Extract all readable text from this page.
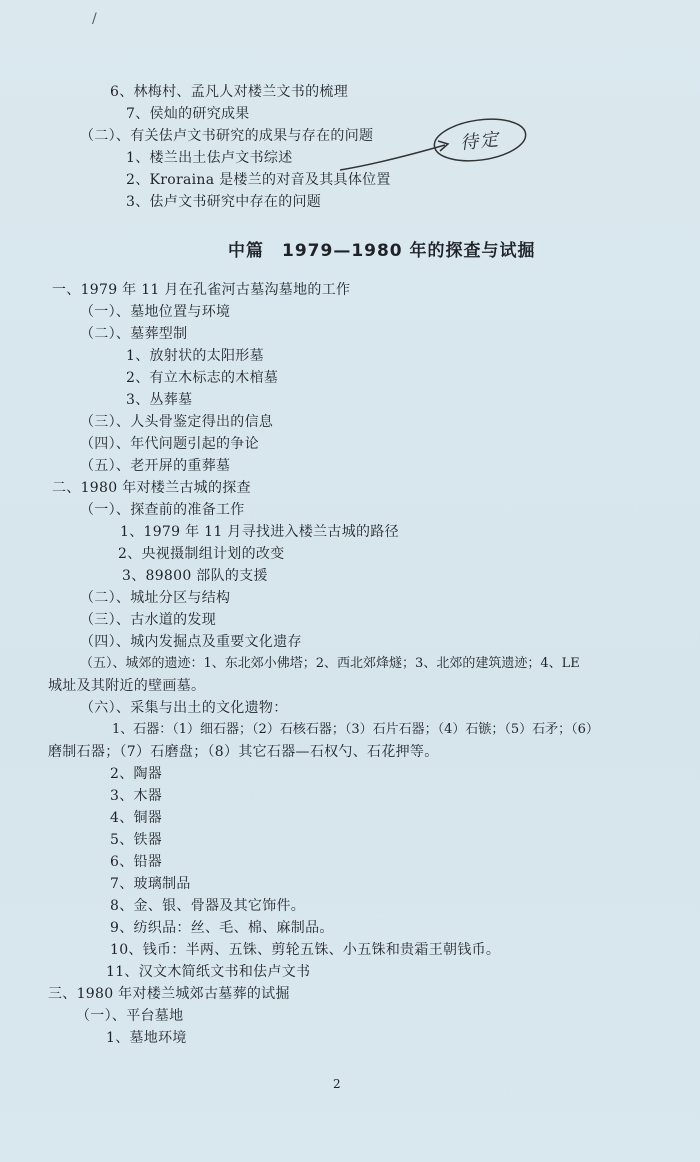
/
6、林梅村、孟凡人对楼兰文书的梳理
7、侯灿的研究成果
（二）、有关佉卢文书研究的成果与存在的问题
1、楼兰出土佉卢文书综述
2、Kroraina 是楼兰的对音及其具体位置
3、佉卢文书研究中存在的问题
待定
中篇　1979—1980 年的探查与试掘
一、1979 年 11 月在孔雀河古墓沟墓地的工作
（一）、墓地位置与环境
（二）、墓葬型制
1、放射状的太阳形墓
2、有立木标志的木棺墓
3、丛葬墓
（三）、人头骨鉴定得出的信息
（四）、年代问题引起的争论
（五）、老开屏的重葬墓
二、1980 年对楼兰古城的探查
（一）、探查前的准备工作
1、1979 年 11 月寻找进入楼兰古城的路径
2、央视摄制组计划的改变
3、89800 部队的支援
（二）、城址分区与结构
（三）、古水道的发现
（四）、城内发掘点及重要文化遗存
（五）、城郊的遗迹：1、东北郊小佛塔；2、西北郊烽燧；3、北郊的建筑遗迹；4、LE
城址及其附近的壁画墓。
（六）、采集与出土的文化遗物：
1、石器：（1）细石器；（2）石核石器；（3）石片石器；（4）石镞；（5）石矛；（6）
磨制石器；（7）石磨盘；（8）其它石器—石权勺、石花押等。
2、陶器
3、木器
4、铜器
5、铁器
6、铅器
7、玻璃制品
8、金、银、骨器及其它饰件。
9、纺织品：丝、毛、棉、麻制品。
10、钱币：半两、五铢、剪轮五铢、小五铢和贵霜王朝钱币。
11、汉文木简纸文书和佉卢文书
三、1980 年对楼兰城郊古墓葬的试掘
（一）、平台墓地
1、墓地环境
2
